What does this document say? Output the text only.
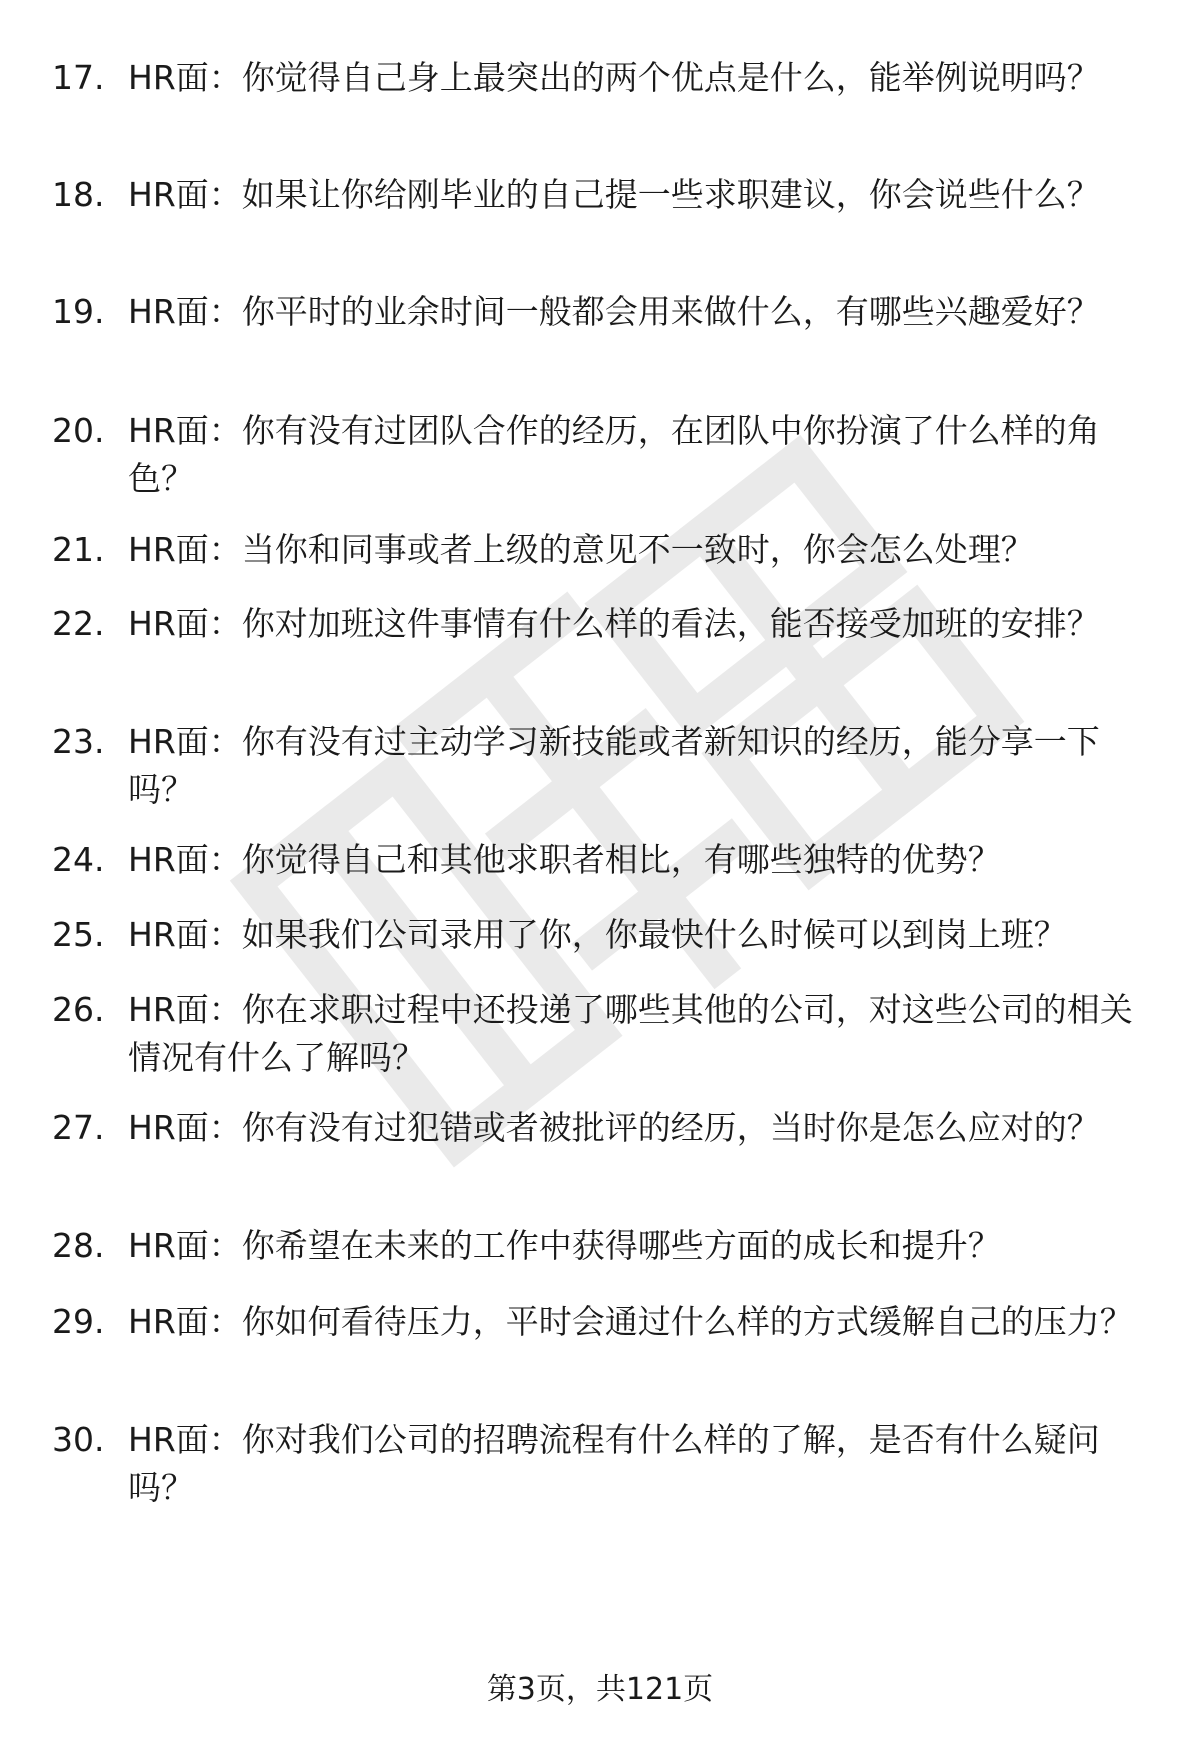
17. HR面：你觉得自己身上最突出的两个优点是什么，能举例说明吗？
18. HR面：如果让你给刚毕业的自己提一些求职建议，你会说些什么？
19. HR面：你平时的业余时间一般都会用来做什么，有哪些兴趣爱好？
20. HR面：你有没有过团队合作的经历，在团队中你扮演了什么样的角色？
21. HR面：当你和同事或者上级的意见不一致时，你会怎么处理？
22. HR面：你对加班这件事情有什么样的看法，能否接受加班的安排？
23. HR面：你有没有过主动学习新技能或者新知识的经历，能分享一下吗？
24. HR面：你觉得自己和其他求职者相比，有哪些独特的优势？
25. HR面：如果我们公司录用了你，你最快什么时候可以到岗上班？
26. HR面：你在求职过程中还投递了哪些其他的公司，对这些公司的相关情况有什么了解吗？
27. HR面：你有没有过犯错或者被批评的经历，当时你是怎么应对的？
28. HR面：你希望在未来的工作中获得哪些方面的成长和提升？
29. HR面：你如何看待压力，平时会通过什么样的方式缓解自己的压力？
30. HR面：你对我们公司的招聘流程有什么样的了解，是否有什么疑问吗？
第3页，共121页
